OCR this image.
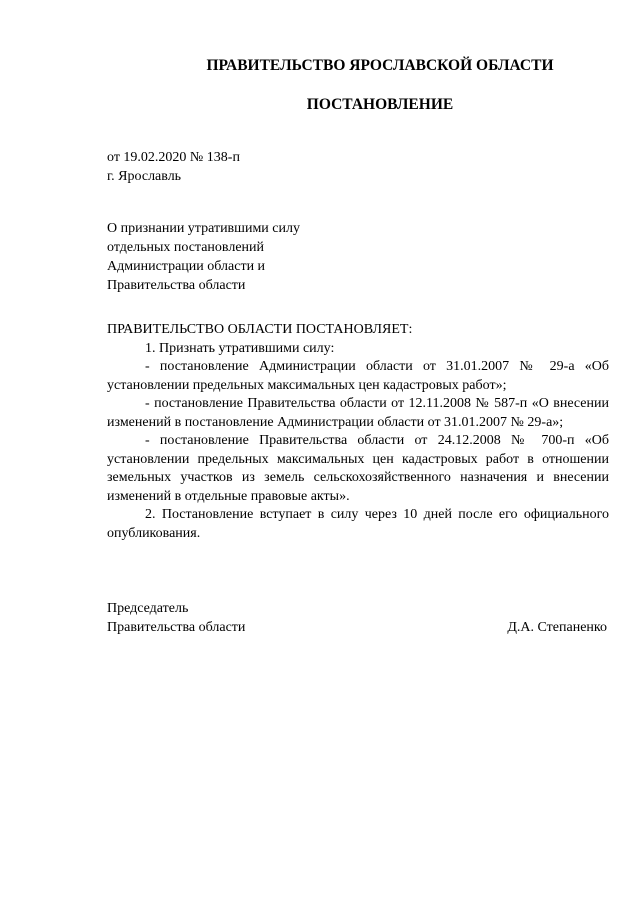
ПРАВИТЕЛЬСТВО ЯРОСЛАВСКОЙ ОБЛАСТИ
ПОСТАНОВЛЕНИЕ
от 19.02.2020 № 138-п
г. Ярославль
О признании утратившими силу
отдельных постановлений
Администрации области и
Правительства области

ПРАВИТЕЛЬСТВО ОБЛАСТИ ПОСТАНОВЛЯЕТ:

1. Признать утратившими силу:

- постановление Администрации области от 31.01.2007 № 29-а «Об установлении предельных максимальных цен кадастровых работ»;

- постановление Правительства области от 12.11.2008 № 587-п «О внесении изменений в постановление Администрации области от 31.01.2007 № 29-а»;

- постановление Правительства области от 24.12.2008 № 700-п «Об установлении предельных максимальных цен кадастровых работ в отношении земельных участков из земель сельскохозяйственного назначения и внесении изменений в отдельные правовые акты».

2. Постановление вступает в силу через 10 дней после его официального опубликования.

Председатель
Правительства области	Д.А. Степаненко
